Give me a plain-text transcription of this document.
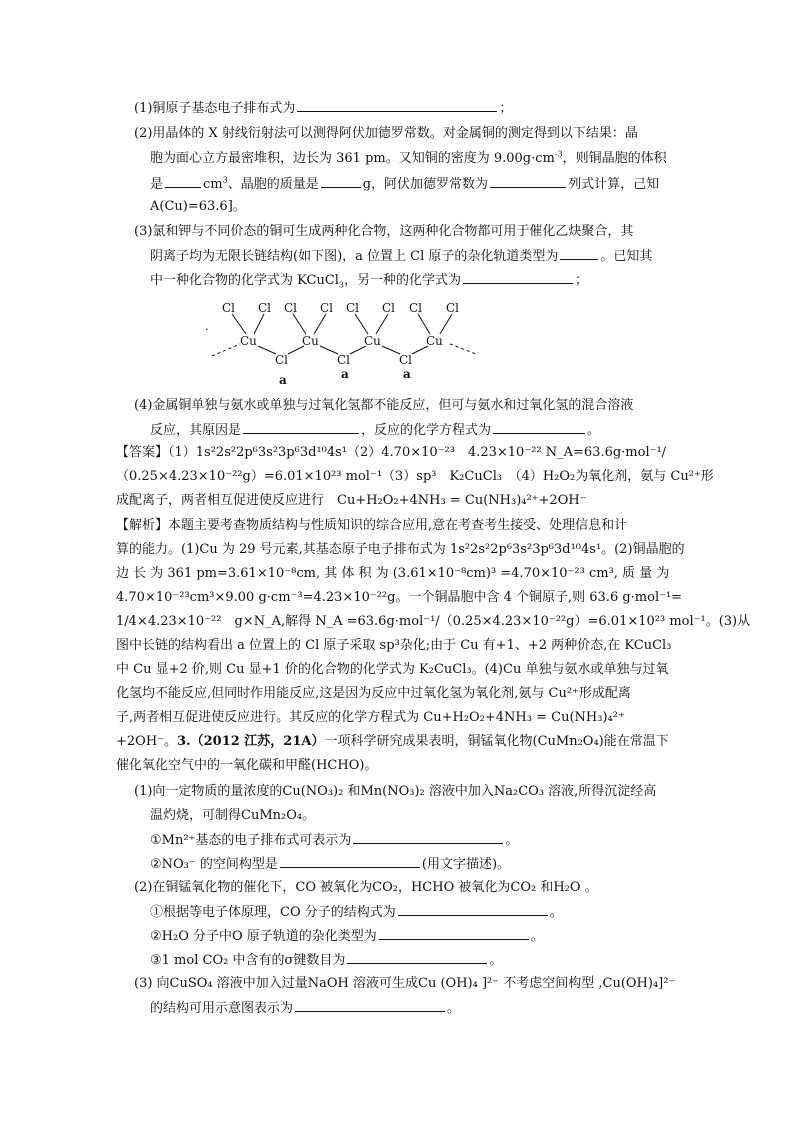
(1)铜原子基态电子排布式为	；
(2)用晶体的 X 射线衍射法可以测得阿伏加德罗常数。对金属铜的测定得到以下结果：晶
胞为面心立方最密堆积，边长为 361 pm。又知铜的密度为 $9.00g\cdot cm^{-3}$，则铜晶胞的体积
是	$cm^3$、晶胞的质量是	g，阿伏加德罗常数为	列式计算，己知
A(Cu)=63.6]。
(3)氯和钾与不同价态的铜可生成两种化合物，这两种化合物都可用于催化乙炔聚合，其
阴离子均为无限长链结构(如下图)，a 位置上 Cl 原子的杂化轨道类型为	。已知其
中一种化合物的化学式为 KCuCl$_3$，另一种的化学式为	；
.
Cl Cl Cl Cl Cl Cl Cl Cl
Cu	Cu	Cu	Cu
Cl	Cl	Cl
a	a	a
(4)金属铜单独与氨水或单独与过氧化氢都不能反应，但可与氨水和过氧化氢的混合溶液
反应，其原因是	，反应的化学方程式为	。
【答案】（1）1s²2s²2p⁶3s²3p⁶3d¹⁰4s¹（2）4.70×10⁻²³　4.23×10⁻²² N_A=63.6g·mol⁻¹/
（0.25×4.23×10⁻²²g）=6.01×10²³ mol⁻¹（3）sp³　K₂CuCl₃　（4）H₂O₂为氧化剂，氨与 Cu²⁺形
成配离子，两者相互促进使反应进行　Cu+H₂O₂+4NH₃ = Cu(NH₃)₄²⁺+2OH⁻
【解析】本题主要考查物质结构与性质知识的综合应用,意在考查考生接受、处理信息和计
算的能力。(1)Cu 为 29 号元素,其基态原子电子排布式为 1s²2s²2p⁶3s²3p⁶3d¹⁰4s¹。(2)铜晶胞的
边 长 为 361 pm=3.61×10⁻⁸cm, 其 体 积 为 (3.61×10⁻⁸cm)³ =4.70×10⁻²³ cm³, 质 量 为
4.70×10⁻²³cm³×9.00 g·cm⁻³=4.23×10⁻²²g。一个铜晶胞中含 4 个铜原子,则 63.6 g·mol⁻¹=
1/4×4.23×10⁻²²　g×N_A,解得 N_A =63.6g·mol⁻¹/（0.25×4.23×10⁻²²g）=6.01×10²³ mol⁻¹。(3)从
图中长链的结构看出 a 位置上的 Cl 原子采取 sp³杂化;由于 Cu 有+1、+2 两种价态,在 KCuCl₃
中 Cu 显+2 价,则 Cu 显+1 价的化合物的化学式为 K₂CuCl₃。(4)Cu 单独与氨水或单独与过氧
化氢均不能反应,但同时作用能反应,这是因为反应中过氧化氢为氧化剂,氨与 Cu²⁺形成配离
子,两者相互促进使反应进行。其反应的化学方程式为 Cu+H₂O₂+4NH₃ = Cu(NH₃)₄²⁺
+2OH⁻。3.（2012 江苏，21A）一项科学研究成果表明，铜锰氧化物(CuMn₂O₄)能在常温下
催化氧化空气中的一氧化碳和甲醛(HCHO)。
(1)向一定物质的量浓度的Cu(NO₃)₂ 和Mn(NO₃)₂ 溶液中加入Na₂CO₃ 溶液,所得沉淀经高
温灼烧，可制得CuMn₂O₄。
①Mn²⁺基态的电子排布式可表示为	。
②NO₃⁻ 的空间构型是	(用文字描述)。
(2)在铜锰氧化物的催化下，CO 被氧化为CO₂，HCHO 被氧化为CO₂ 和H₂O 。
①根据等电子体原理，CO 分子的结构式为	。
②H₂O 分子中O 原子轨道的杂化类型为	。
③1 mol CO₂ 中含有的σ键数目为	。
(3) 向CuSO₄ 溶液中加入过量NaOH 溶液可生成Cu (OH)₄ ]²⁻ 不考虑空间构型 ,Cu(OH)₄]²⁻
的结构可用示意图表示为	。
